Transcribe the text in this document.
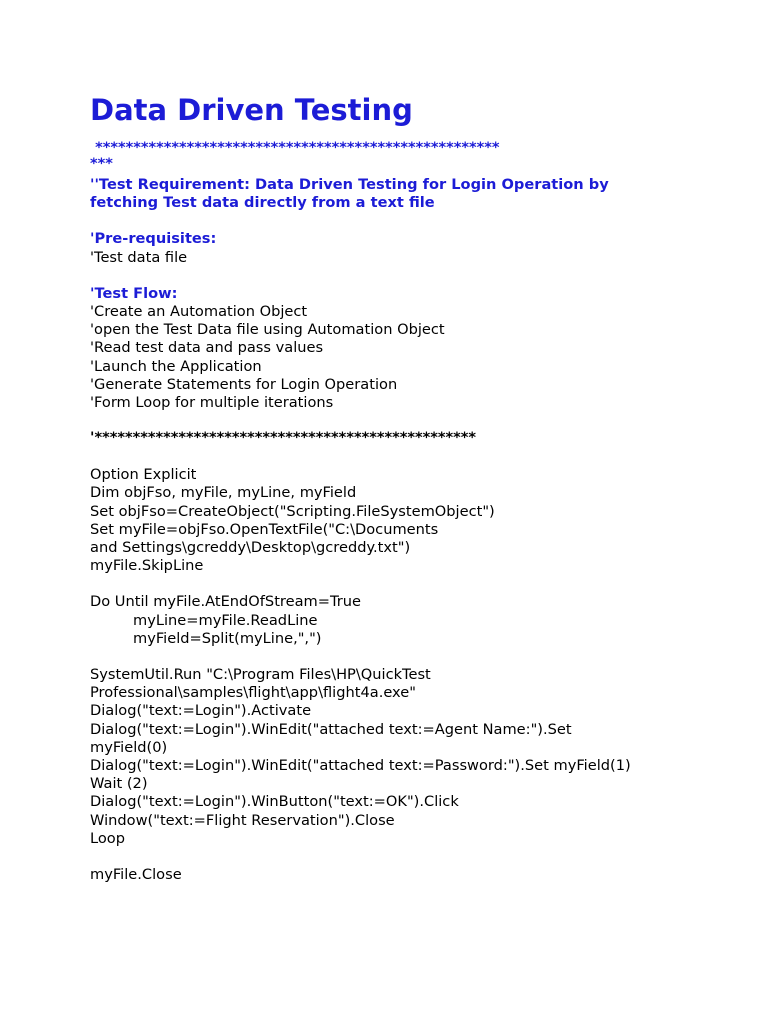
Data Driven Testing
*****************************************************
***
''Test Requirement: Data Driven Testing for Login Operation by
fetching Test data directly from a text file
'Pre-requisites:
'Test data file
'Test Flow:
'Create an Automation Object
'open the Test Data file using Automation Object
'Read test data and pass values
'Launch the Application
'Generate Statements for Login Operation
'Form Loop for multiple iterations
'**************************************************
Option Explicit
Dim objFso, myFile, myLine, myField
Set objFso=CreateObject("Scripting.FileSystemObject")
Set myFile=objFso.OpenTextFile("C:\Documents
and Settings\gcreddy\Desktop\gcreddy.txt")
myFile.SkipLine
Do Until myFile.AtEndOfStream=True
myLine=myFile.ReadLine
myField=Split(myLine,",")
SystemUtil.Run "C:\Program Files\HP\QuickTest
Professional\samples\flight\app\flight4a.exe"
Dialog("text:=Login").Activate
Dialog("text:=Login").WinEdit("attached text:=Agent Name:").Set
myField(0)
Dialog("text:=Login").WinEdit("attached text:=Password:").Set myField(1)
Wait (2)
Dialog("text:=Login").WinButton("text:=OK").Click
Window("text:=Flight Reservation").Close
Loop
myFile.Close
